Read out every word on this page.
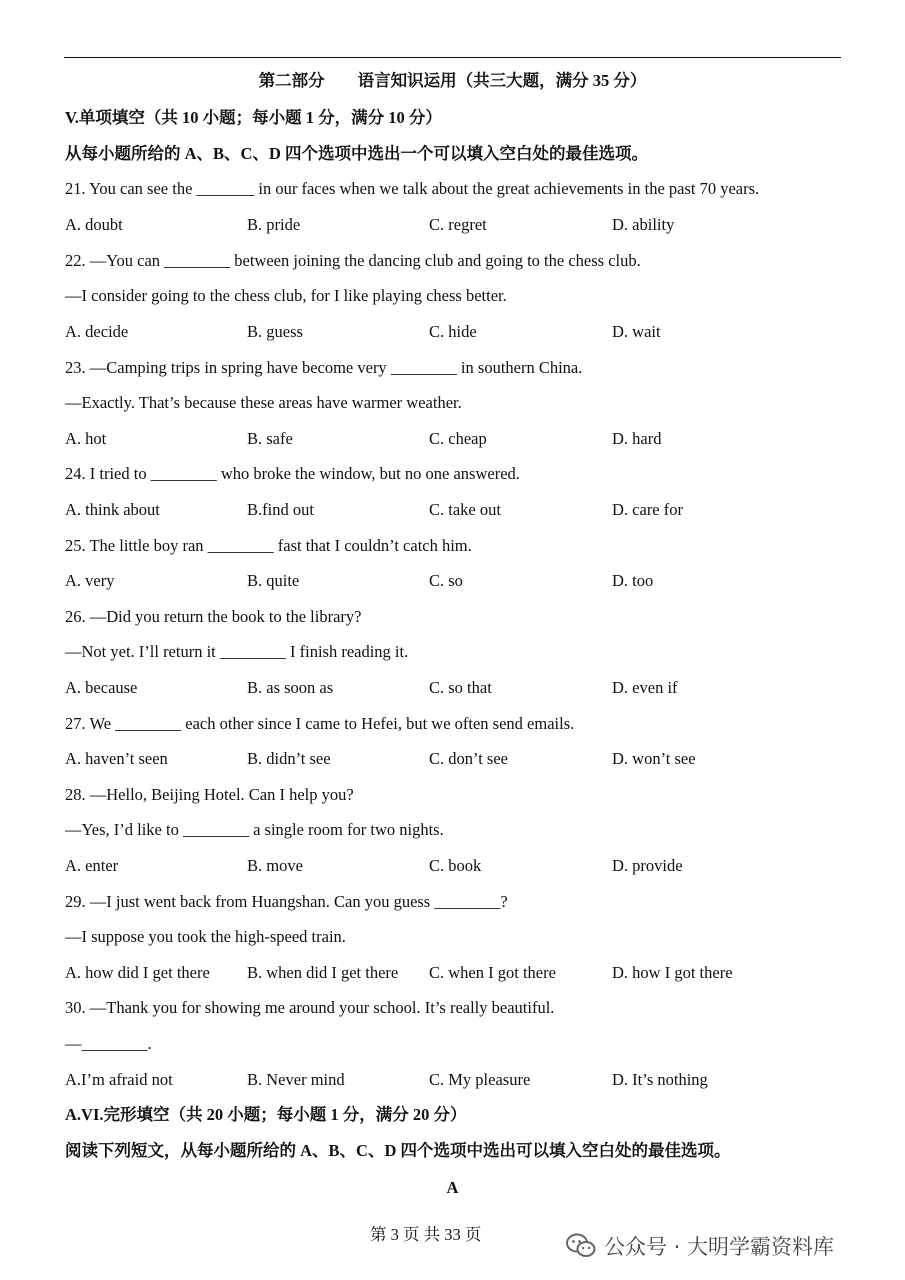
第二部分        语言知识运用（共三大题，满分 35 分）
V.单项填空（共 10 小题；每小题 1 分，满分 10 分）
从每小题所给的 A、B、C、D 四个选项中选出一个可以填入空白处的最佳选项。
21. You can see the _______ in our faces when we talk about the great achievements in the past 70 years.
A. doubt	B. pride	C. regret	D. ability
22. —You can ________ between joining the dancing club and going to the chess club.
—I consider going to the chess club, for I like playing chess better.
A. decide	B. guess	C. hide	D. wait
23. —Camping trips in spring have become very ________ in southern China.
—Exactly. That’s because these areas have warmer weather.
A. hot	B. safe	C. cheap	D. hard
24. I tried to ________ who broke the window, but no one answered.
A. think about	B.find out	C. take out	D. care for
25. The little boy ran ________ fast that I couldn’t catch him.
A. very	B. quite	C. so	D. too
26. —Did you return the book to the library?
—Not yet. I’ll return it ________ I finish reading it.
A. because	B. as soon as	C. so that	D. even if
27. We ________ each other since I came to Hefei, but we often send emails.
A. haven’t seen	B. didn’t see	C. don’t see	D. won’t see
28. —Hello, Beijing Hotel. Can I help you?
—Yes, I’d like to ________ a single room for two nights.
A. enter	B. move	C. book	D. provide
29. —I just went back from Huangshan. Can you guess ________?
—I suppose you took the high-speed train.
A. how did I get there B. when did I get there C. when I got there	D. how I got there
30. —Thank you for showing me around your school. It’s really beautiful.
—________.
A.I’m afraid not	B. Never mind	C. My pleasure	D. It’s nothing
A.VI.完形填空（共 20 小题；每小题 1 分，满分 20 分）
阅读下列短文，从每小题所给的 A、B、C、D 四个选项中选出可以填入空白处的最佳选项。
A
第 3 页 共 33 页
公众号 · 大明学霸资料库
